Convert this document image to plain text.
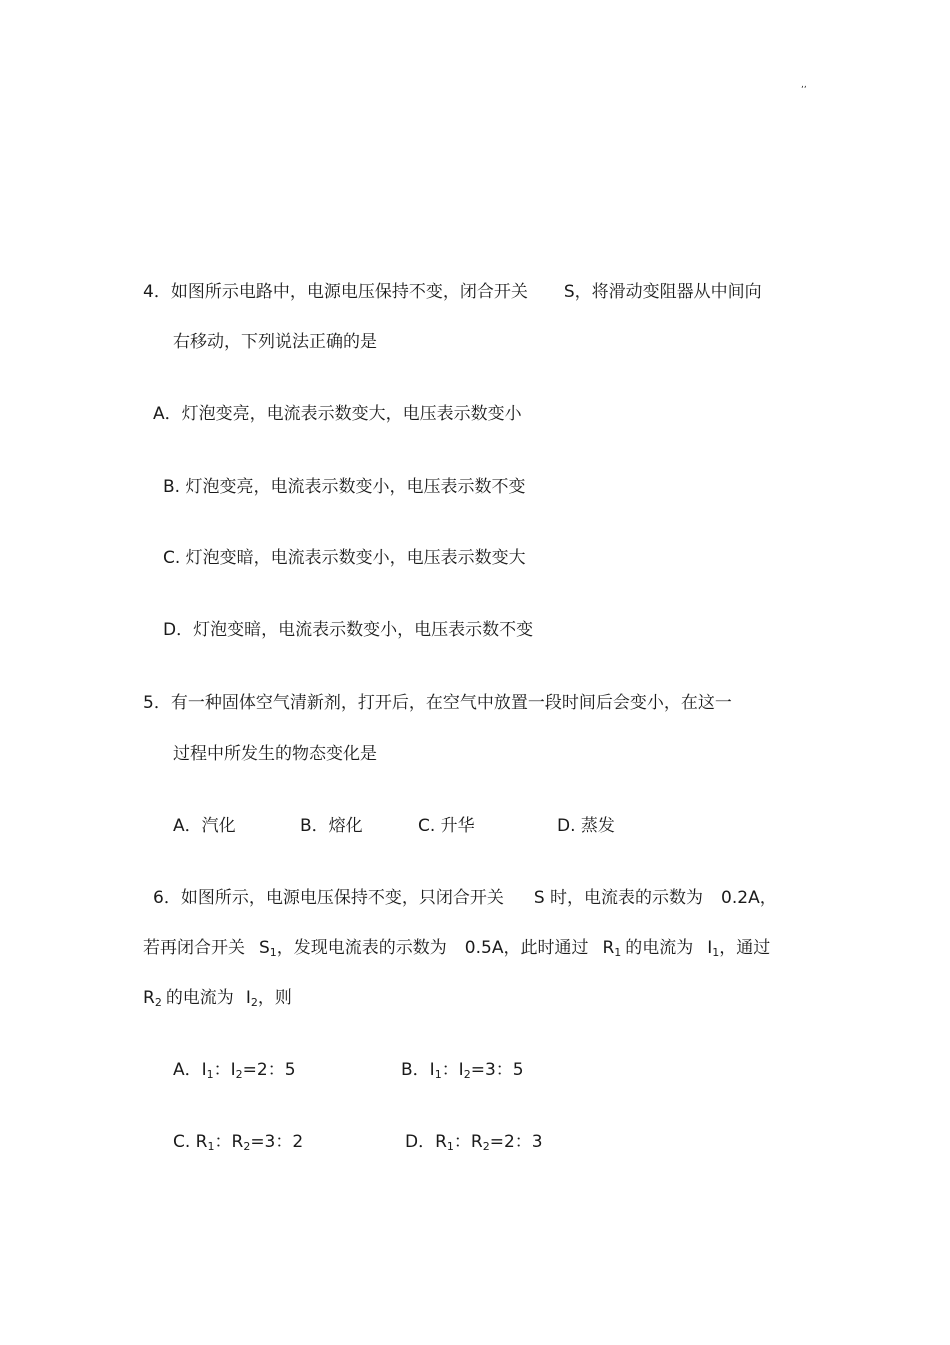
,,
4．如图所示电路中，电源电压保持不变，闭合开关 S，将滑动变阻器从中间向
右移动，下列说法正确的是
A．灯泡变亮，电流表示数变大，电压表示数变小
B. 灯泡变亮，电流表示数变小，电压表示数不变
C. 灯泡变暗，电流表示数变小，电压表示数变大
D．灯泡变暗，电流表示数变小，电压表示数不变
5．有一种固体空气清新剂，打开后，在空气中放置一段时间后会变小，在这一
过程中所发生的物态变化是
A．汽化	B．熔化	C. 升华	D. 蒸发
6．如图所示，电源电压保持不变，只闭合开关 S 时，电流表的示数为 0.2A，
若再闭合开关 $S_1$，发现电流表的示数为 0.5A，此时通过 $R_1$ 的电流为 $I_1$，通过
$R_2$ 的电流为 $I_2$，则
A．$I_1$：$I_2=2$：5	B．$I_1$：$I_2=3$：5
C. $R_1$：$R_2=3$：2	D．$R_1$：$R_2=2$：3
